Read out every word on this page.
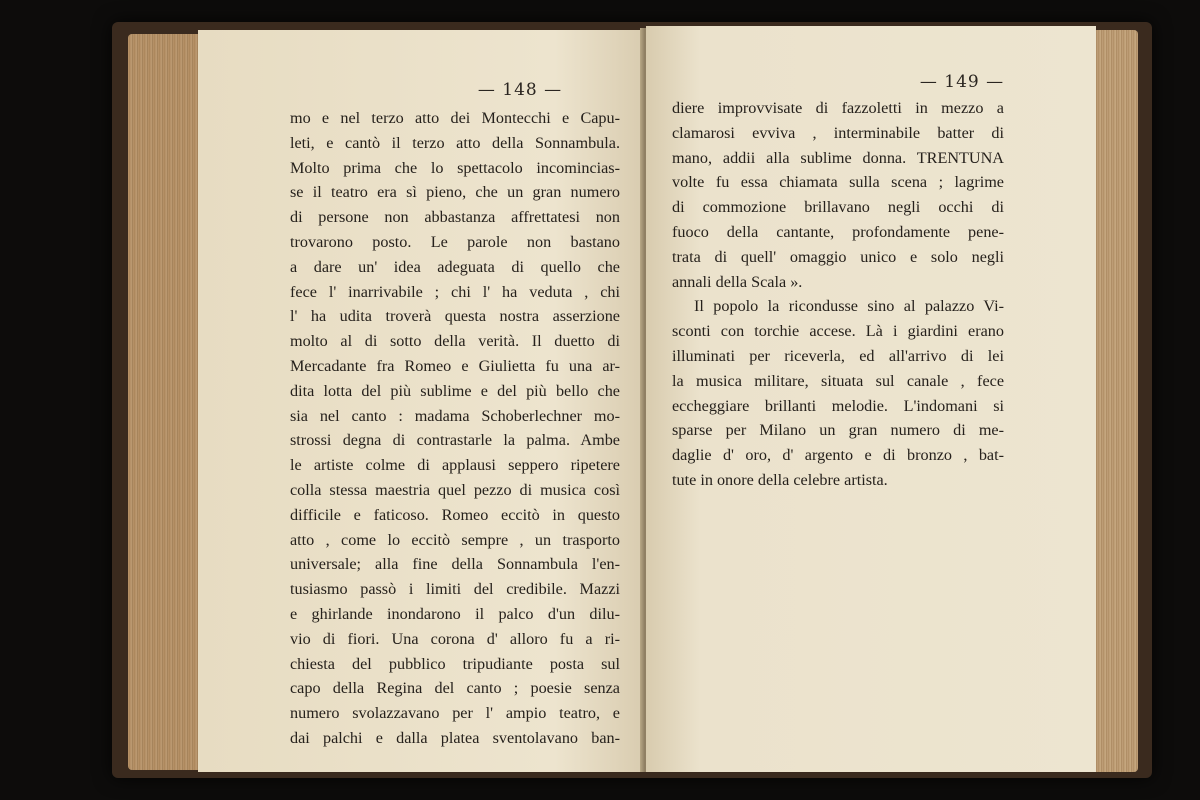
— 148 —
mo e nel terzo atto dei Montecchi e Capu-
leti, e cantò il terzo atto della Sonnambula.
Molto prima che lo spettacolo incomincias-
se il teatro era sì pieno, che un gran numero
di persone non abbastanza affrettatesi non
trovarono posto. Le parole non bastano
a dare un' idea adeguata di quello che
fece l' inarrivabile ; chi l' ha veduta , chi
l' ha udita troverà questa nostra asserzione
molto al di sotto della verità. Il duetto di
Mercadante fra Romeo e Giulietta fu una ar-
dita lotta del più sublime e del più bello che
sia nel canto : madama Schoberlechner mo-
strossi degna di contrastarle la palma. Ambe
le artiste colme di applausi seppero ripetere
colla stessa maestria quel pezzo di musica così
difficile e faticoso. Romeo eccitò in questo
atto , come lo eccitò sempre , un trasporto
universale; alla fine della Sonnambula l'en-
tusiasmo passò i limiti del credibile. Mazzi
e ghirlande inondarono il palco d'un dilu-
vio di fiori. Una corona d' alloro fu a ri-
chiesta del pubblico tripudiante posta sul
capo della Regina del canto ; poesie senza
numero svolazzavano per l' ampio teatro, e
dai palchi e dalla platea sventolavano ban-
— 149 —
diere improvvisate di fazzoletti in mezzo a
clamarosi evviva , interminabile batter di
mano, addii alla sublime donna. TRENTUNA
volte fu essa chiamata sulla scena ; lagrime
di commozione brillavano negli occhi di
fuoco della cantante, profondamente pene-
trata di quell' omaggio unico e solo negli
annali della Scala ».
Il popolo la ricondusse sino al palazzo Vi-
sconti con torchie accese. Là i giardini erano
illuminati per riceverla, ed all'arrivo di lei
la musica militare, situata sul canale , fece
eccheggiare brillanti melodie. L'indomani si
sparse per Milano un gran numero di me-
daglie d' oro, d' argento e di bronzo , bat-
tute in onore della celebre artista.
